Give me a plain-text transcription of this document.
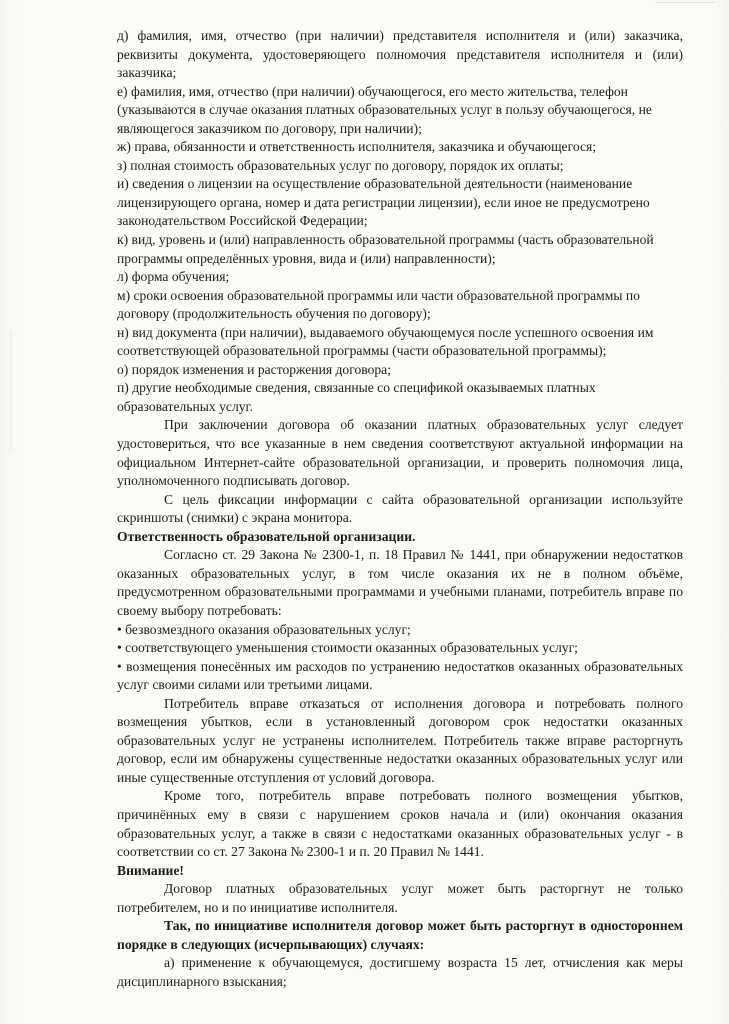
д) фамилия, имя, отчество (при наличии) представителя исполнителя и (или) заказчика, реквизиты документа, удостоверяющего полномочия представителя исполнителя и (или) заказчика;

е) фамилия, имя, отчество (при наличии) обучающегося, его место жительства, телефон (указываются в случае оказания платных образовательных услуг в пользу обучающегося, не являющегося заказчиком по договору, при наличии);

ж) права, обязанности и ответственность исполнителя, заказчика и обучающегося;

з) полная стоимость образовательных услуг по договору, порядок их оплаты;

и) сведения о лицензии на осуществление образовательной деятельности (наименование лицензирующего органа, номер и дата регистрации лицензии), если иное не предусмотрено законодательством Российской Федерации;

к) вид, уровень и (или) направленность образовательной программы (часть образовательной программы определённых уровня, вида и (или) направленности);

л) форма обучения;

м) сроки освоения образовательной программы или части образовательной программы по договору (продолжительность обучения по договору);

н) вид документа (при наличии), выдаваемого обучающемуся после успешного освоения им соответствующей образовательной программы (части образовательной программы);

о) порядок изменения и расторжения договора;

п) другие необходимые сведения, связанные со спецификой оказываемых платных образовательных услуг.

При заключении договора об оказании платных образовательных услуг следует удостовериться, что все указанные в нем сведения соответствуют актуальной информации на официальном Интернет-сайте образовательной организации, и проверить полномочия лица, уполномоченного подписывать договор.

С цель фиксации информации с сайта образовательной организации используйте скриншоты (снимки) с экрана монитора.

Ответственность образовательной организации.

Согласно ст. 29 Закона № 2300-1, п. 18 Правил № 1441, при обнаружении недостатков оказанных образовательных услуг, в том числе оказания их не в полном объёме, предусмотренном образовательными программами и учебными планами, потребитель вправе по своему выбору потребовать:

• безвозмездного оказания образовательных услуг;

• соответствующего уменьшения стоимости оказанных образовательных услуг;

• возмещения понесённых им расходов по устранению недостатков оказанных образовательных услуг своими силами или третьими лицами.

Потребитель вправе отказаться от исполнения договора и потребовать полного возмещения убытков, если в установленный договором срок недостатки оказанных образовательных услуг не устранены исполнителем. Потребитель также вправе расторгнуть договор, если им обнаружены существенные недостатки оказанных образовательных услуг или иные существенные отступления от условий договора.

Кроме того, потребитель вправе потребовать полного возмещения убытков, причинённых ему в связи с нарушением сроков начала и (или) окончания оказания образовательных услуг, а также в связи с недостатками оказанных образовательных услуг - в соответствии со ст. 27 Закона № 2300-1 и п. 20 Правил № 1441.

Внимание!

Договор платных образовательных услуг может быть расторгнут не только потребителем, но и по инициативе исполнителя.

Так, по инициативе исполнителя договор может быть расторгнут в одностороннем порядке в следующих (исчерпывающих) случаях:

а) применение к обучающемуся, достигшему возраста 15 лет, отчисления как меры дисциплинарного взыскания;
